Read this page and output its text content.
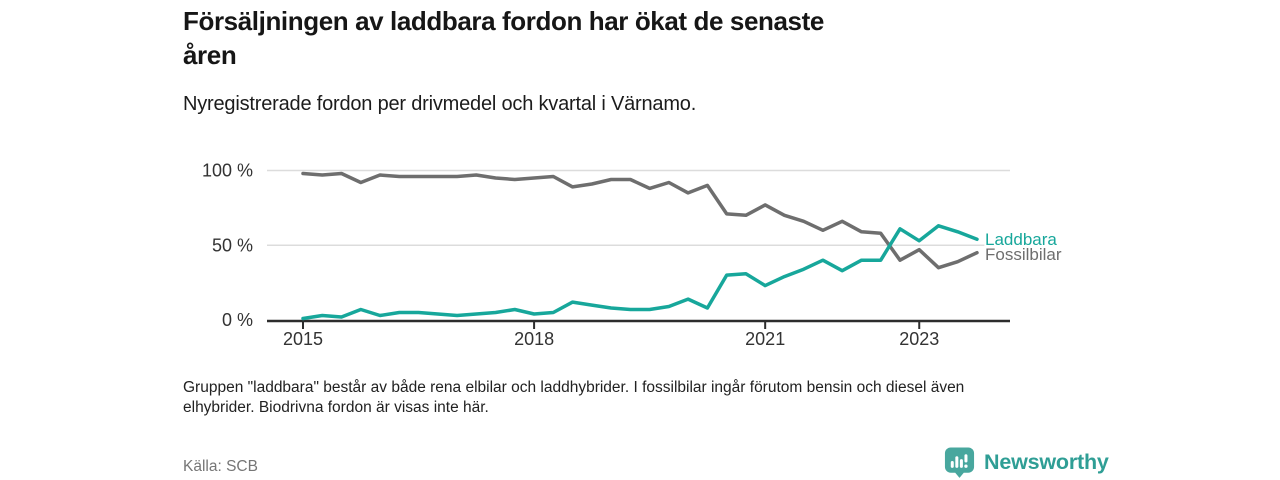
100 %
50 %
0 %
2015	2018	2021	2023
Laddbara
Fossilbilar
Försäljningen av laddbara fordon har ökat de senaste
åren
Nyregistrerade fordon per drivmedel och kvartal i Värnamo.
Gruppen "laddbara" består av både rena elbilar och laddhybrider. I fossilbilar ingår förutom bensin och diesel även
elhybrider. Biodrivna fordon är visas inte här.
Källa: SCB	Newsworthy
